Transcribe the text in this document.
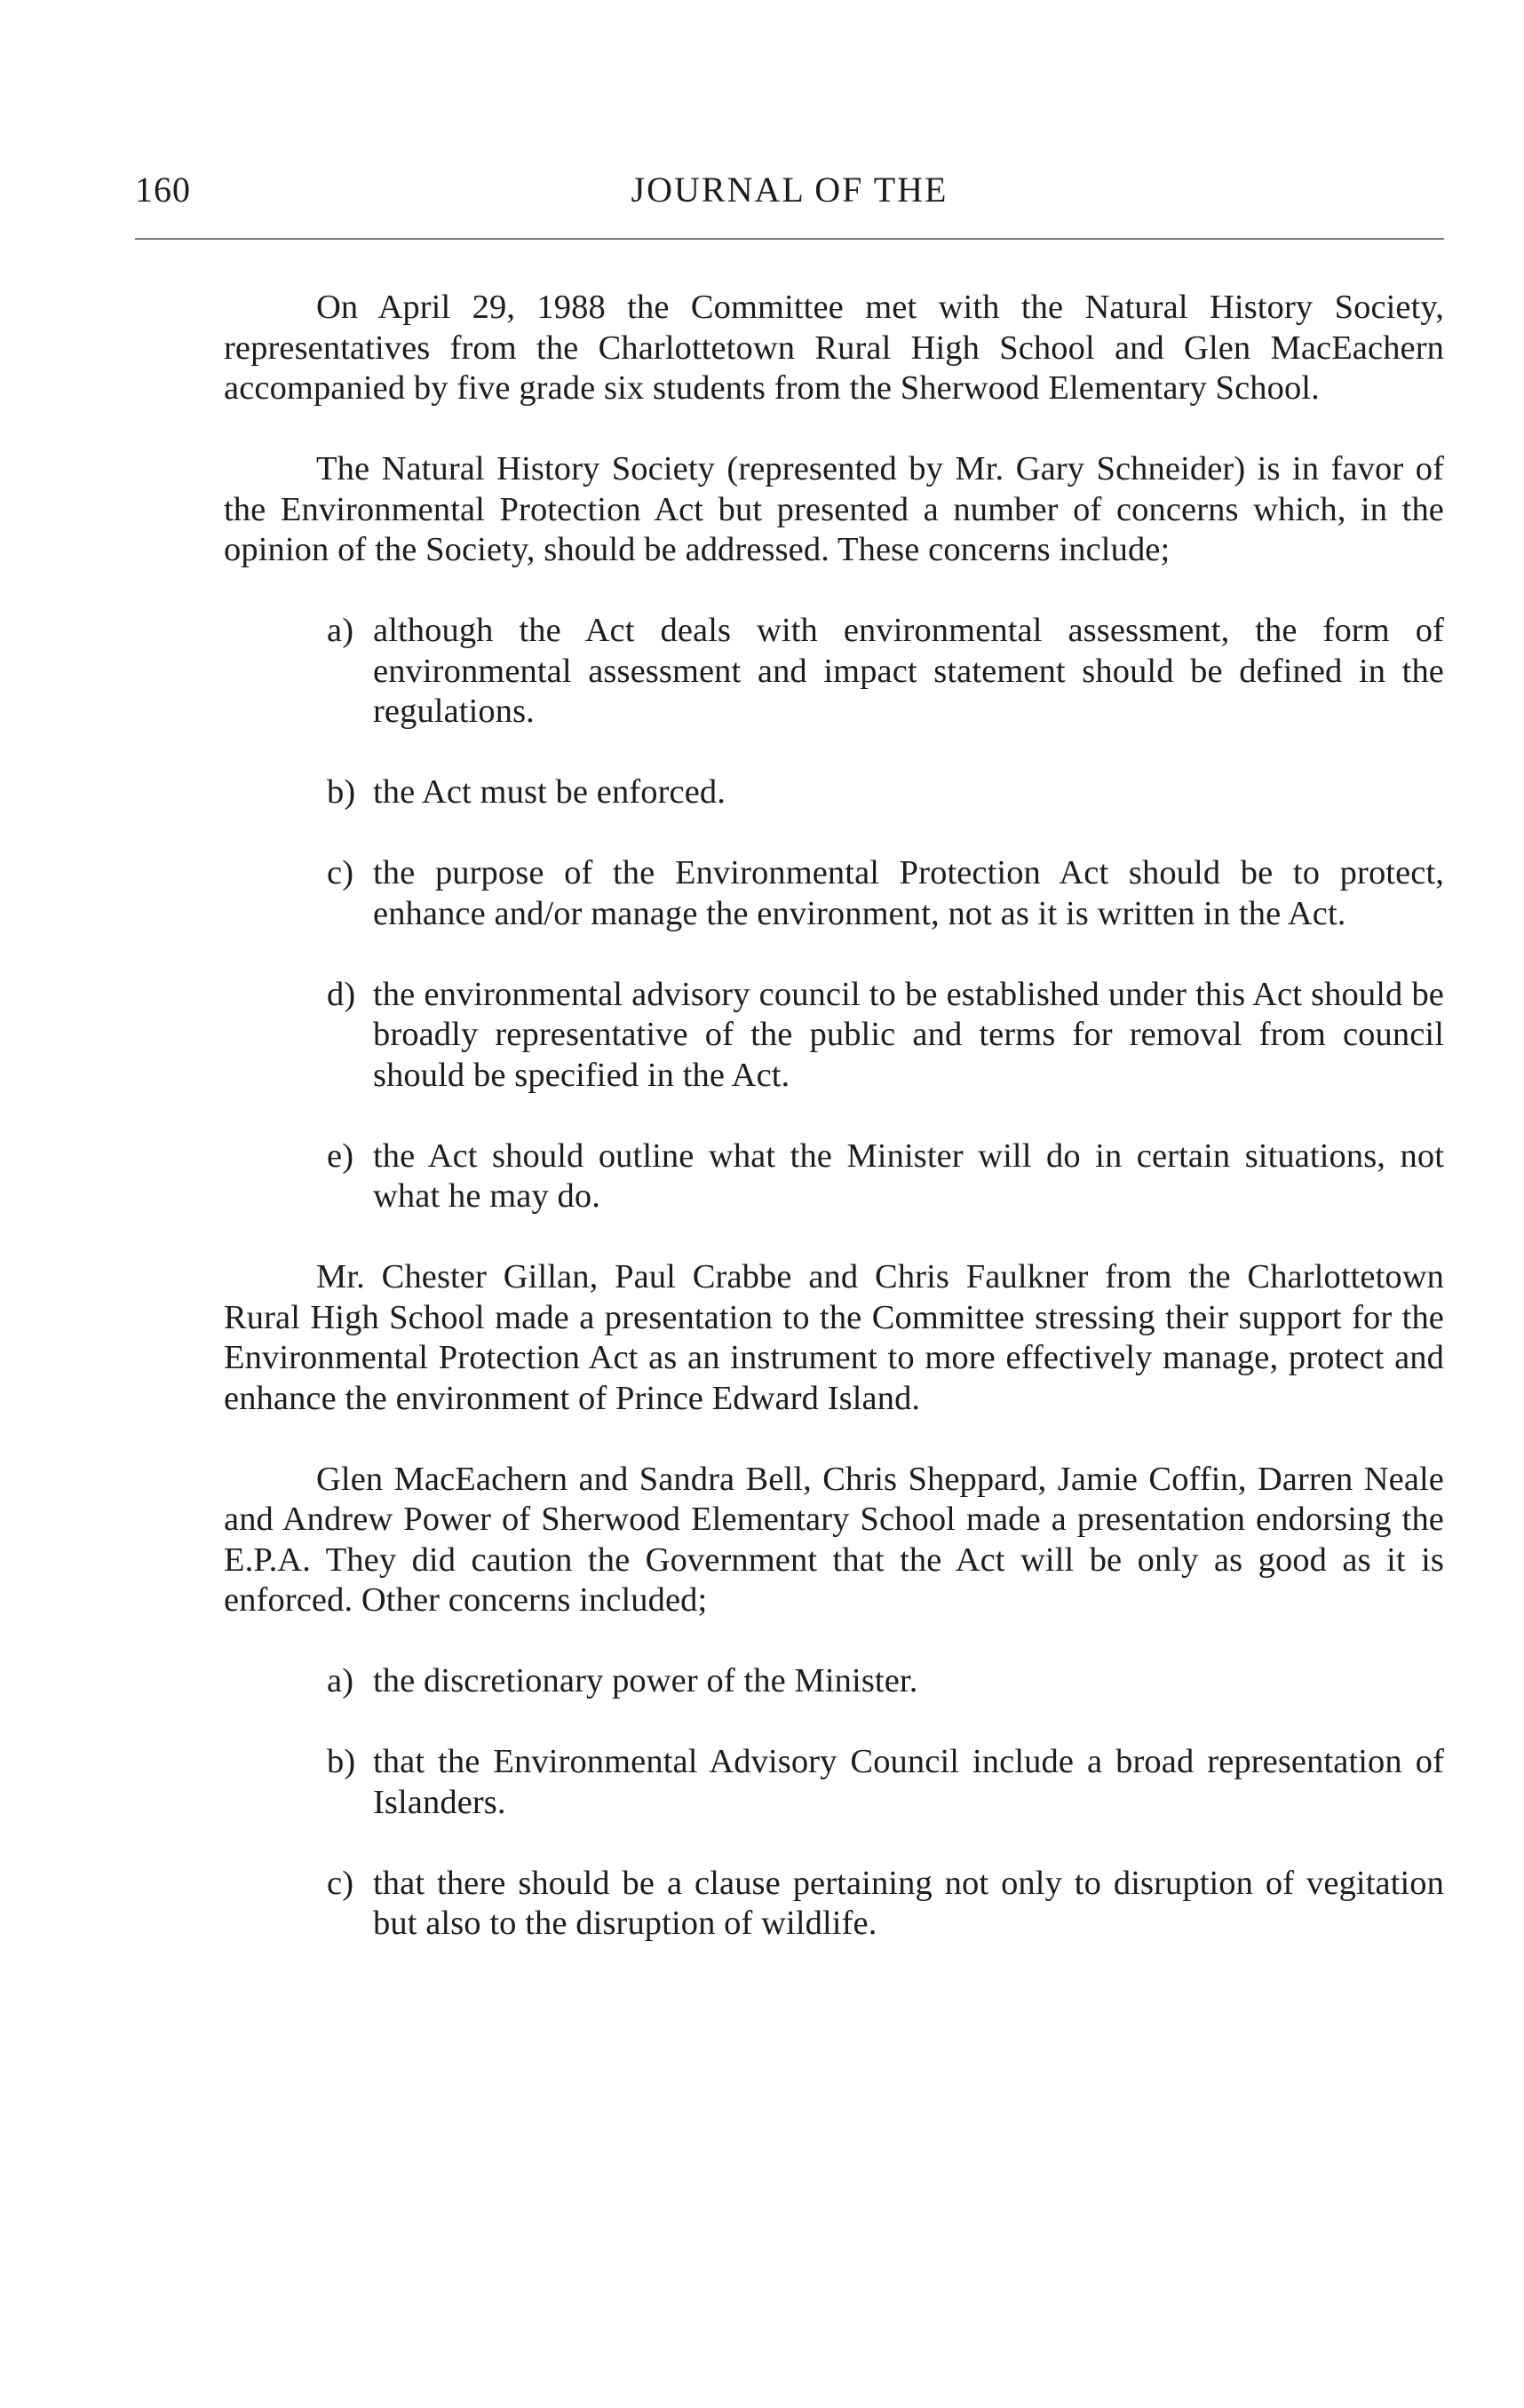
160	JOURNAL OF THE

On April 29, 1988 the Committee met with the Natural History Society, representatives from the Charlottetown Rural High School and Glen MacEachern accompanied by five grade six students from the Sherwood Elementary School.

The Natural History Society (represented by Mr. Gary Schneider) is in favor of the Environmental Protection Act but presented a number of concerns which, in the opinion of the Society, should be addressed. These concerns include;

a) although the Act deals with environmental assessment, the form of environmental assessment and impact statement should be defined in the regulations.
b) the Act must be enforced.
c) the purpose of the Environmental Protection Act should be to protect, enhance and/or manage the environment, not as it is written in the Act.
d) the environmental advisory council to be established under this Act should be broadly representative of the public and terms for removal from council should be specified in the Act.
e) the Act should outline what the Minister will do in certain situations, not what he may do.

Mr. Chester Gillan, Paul Crabbe and Chris Faulkner from the Charlottetown Rural High School made a presentation to the Committee stressing their support for the Environmental Protection Act as an instrument to more effectively manage, protect and enhance the environment of Prince Edward Island.

Glen MacEachern and Sandra Bell, Chris Sheppard, Jamie Coffin, Darren Neale and Andrew Power of Sherwood Elementary School made a presentation endorsing the E.P.A. They did caution the Government that the Act will be only as good as it is enforced. Other concerns included;

a) the discretionary power of the Minister.
b) that the Environmental Advisory Council include a broad representation of Islanders.
c) that there should be a clause pertaining not only to disruption of vegitation but also to the disruption of wildlife.
